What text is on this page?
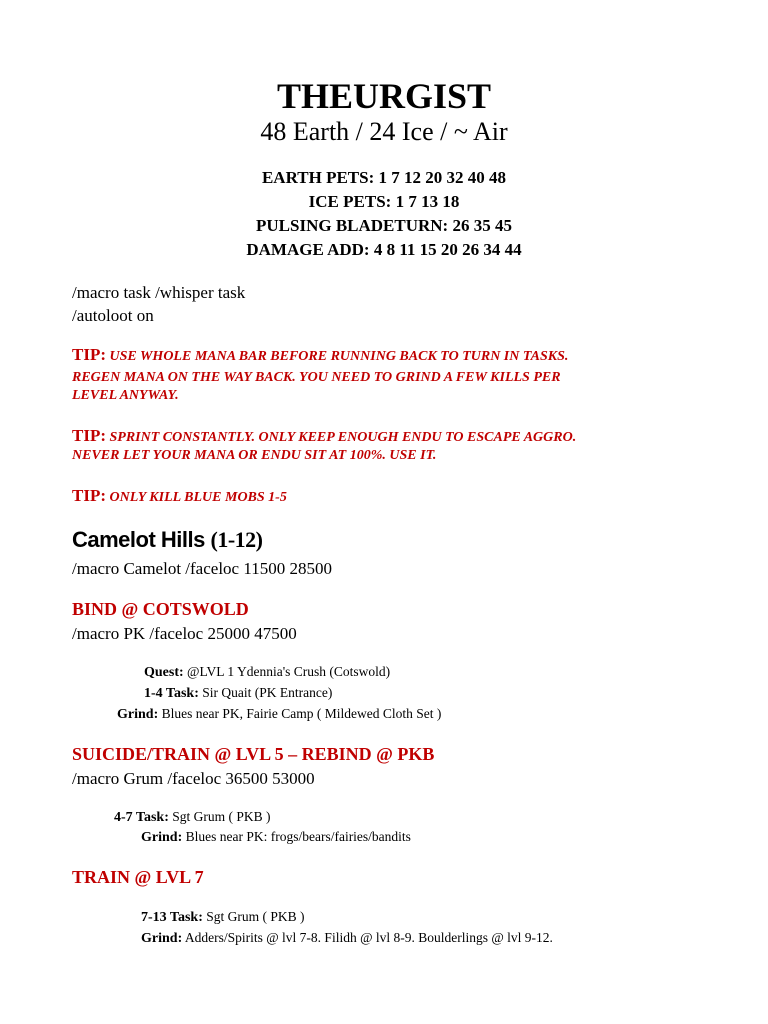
THEURGIST
48 Earth / 24 Ice / ~ Air
EARTH PETS: 1 7 12 20 32 40 48
ICE PETS: 1 7 13 18
PULSING BLADETURN: 26 35 45
DAMAGE ADD: 4 8 11 15 20 26 34 44
/macro task /whisper task
/autoloot on
TIP: USE WHOLE MANA BAR BEFORE RUNNING BACK TO TURN IN TASKS.
REGEN MANA ON THE WAY BACK. YOU NEED TO GRIND A FEW KILLS PER
LEVEL ANYWAY.
TIP: SPRINT CONSTANTLY. ONLY KEEP ENOUGH ENDU TO ESCAPE AGGRO.
NEVER LET YOUR MANA OR ENDU SIT AT 100%. USE IT.
TIP: ONLY KILL BLUE MOBS 1-5
Camelot Hills (1-12)
/macro Camelot /faceloc 11500 28500
BIND @ COTSWOLD
/macro PK /faceloc 25000 47500
Quest: @LVL 1 Ydennia's Crush (Cotswold)
1-4 Task: Sir Quait (PK Entrance)
Grind: Blues near PK, Fairie Camp ( Mildewed Cloth Set )
SUICIDE/TRAIN @ LVL 5 – REBIND @ PKB
/macro Grum /faceloc 36500 53000
4-7 Task: Sgt Grum ( PKB )
Grind: Blues near PK: frogs/bears/fairies/bandits
TRAIN @ LVL 7
7-13 Task: Sgt Grum ( PKB )
Grind: Adders/Spirits @ lvl 7-8. Filidh @ lvl 8-9. Boulderlings @ lvl 9-12.
